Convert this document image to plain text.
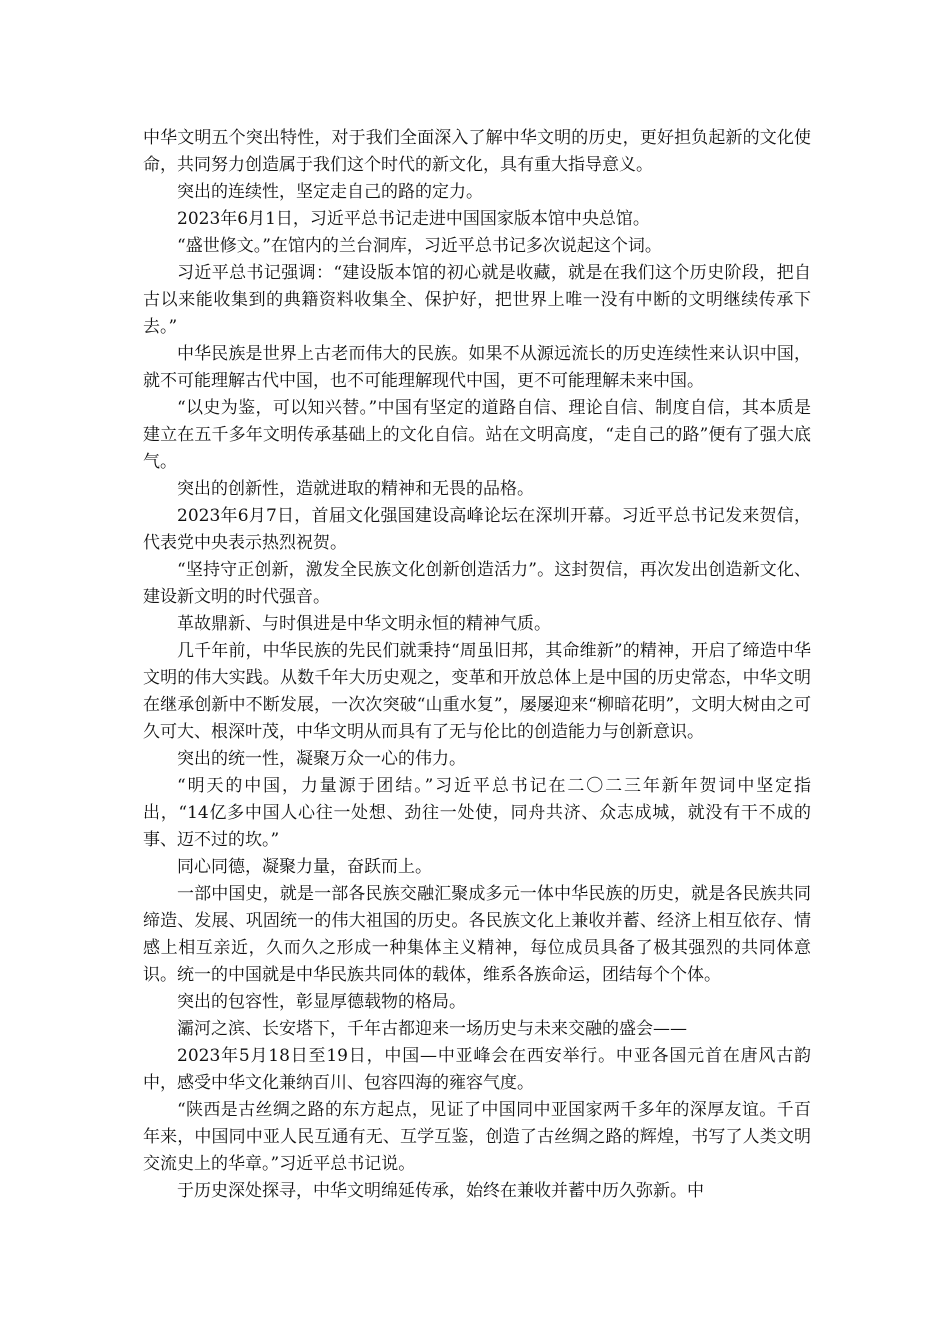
中华文明五个突出特性，对于我们全面深入了解中华文明的历史，更好担负起新的文化使命，共同努力创造属于我们这个时代的新文化，具有重大指导意义。

突出的连续性，坚定走自己的路的定力。

2023年6月1日，习近平总书记走进中国国家版本馆中央总馆。

“盛世修文。”在馆内的兰台洞库，习近平总书记多次说起这个词。

习近平总书记强调：“建设版本馆的初心就是收藏，就是在我们这个历史阶段，把自古以来能收集到的典籍资料收集全、保护好，把世界上唯一没有中断的文明继续传承下去。”

中华民族是世界上古老而伟大的民族。如果不从源远流长的历史连续性来认识中国，就不可能理解古代中国，也不可能理解现代中国，更不可能理解未来中国。

“以史为鉴，可以知兴替。”中国有坚定的道路自信、理论自信、制度自信，其本质是建立在五千多年文明传承基础上的文化自信。站在文明高度，“走自己的路”便有了强大底气。

突出的创新性，造就进取的精神和无畏的品格。

2023年6月7日，首届文化强国建设高峰论坛在深圳开幕。习近平总书记发来贺信，代表党中央表示热烈祝贺。

“坚持守正创新，激发全民族文化创新创造活力”。这封贺信，再次发出创造新文化、建设新文明的时代强音。

革故鼎新、与时俱进是中华文明永恒的精神气质。

几千年前，中华民族的先民们就秉持“周虽旧邦，其命维新”的精神，开启了缔造中华文明的伟大实践。从数千年大历史观之，变革和开放总体上是中国的历史常态，中华文明在继承创新中不断发展，一次次突破“山重水复”，屡屡迎来“柳暗花明”，文明大树由之可久可大、根深叶茂，中华文明从而具有了无与伦比的创造能力与创新意识。

突出的统一性，凝聚万众一心的伟力。

“明天的中国，力量源于团结。”习近平总书记在二〇二三年新年贺词中坚定指出，“14亿多中国人心往一处想、劲往一处使，同舟共济、众志成城，就没有干不成的事、迈不过的坎。”

同心同德，凝聚力量，奋跃而上。

一部中国史，就是一部各民族交融汇聚成多元一体中华民族的历史，就是各民族共同缔造、发展、巩固统一的伟大祖国的历史。各民族文化上兼收并蓄、经济上相互依存、情感上相互亲近，久而久之形成一种集体主义精神，每位成员具备了极其强烈的共同体意识。统一的中国就是中华民族共同体的载体，维系各族命运，团结每个个体。

突出的包容性，彰显厚德载物的格局。

灞河之滨、长安塔下，千年古都迎来一场历史与未来交融的盛会——

2023年5月18日至19日，中国—中亚峰会在西安举行。中亚各国元首在唐风古韵中，感受中华文化兼纳百川、包容四海的雍容气度。

“陕西是古丝绸之路的东方起点，见证了中国同中亚国家两千多年的深厚友谊。千百年来，中国同中亚人民互通有无、互学互鉴，创造了古丝绸之路的辉煌，书写了人类文明交流史上的华章。”习近平总书记说。

于历史深处探寻，中华文明绵延传承，始终在兼收并蓄中历久弥新。中
